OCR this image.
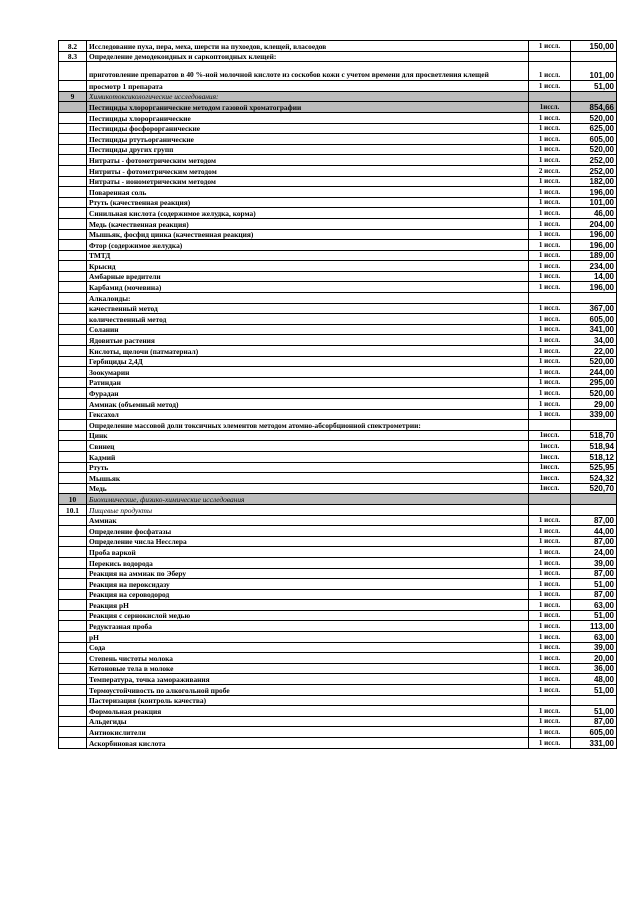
8.2	Исследование пуха, пера, меха, шерсти на пухоедов, клещей, власоедов	1 иссл.	150,00
8.3	Определение демодекоидных и саркоптоидных клещей:		
	приготовление препаратов в 40 %-ной молочной кислоте из соскобов кожи с учетом времени для просветления клещей	1 иссл.	101,00
	просмотр 1 препарата	1 иссл.	51,00
9	Химикотоксикологические исследования:		
	Пестициды хлорорганические методом газовой хроматографии	1иссл.	854,66
	Пестициды хлорорганические	1 иссл.	520,00
	Пестициды фосфорорганические	1 иссл.	625,00
	Пестициды ртутьорганические	1 иссл.	605,00
	Пестициды других групп	1 иссл.	520,00
	Нитраты - фотометрическим методом	1 иссл.	252,00
	Нитриты - фотометрическим методом	2 иссл.	252,00
	Нитраты - ионометрическим методом	1 иссл.	182,00
	Поваренная соль	1 иссл.	196,00
	Ртуть (качественная реакция)	1 иссл.	101,00
	Синильная кислота (содержимое желудка, корма)	1 иссл.	46,00
	Медь (качественная реакция)	1 иссл.	204,00
	Мышьяк, фосфид цинка (качественная реакция)	1 иссл.	196,00
	Фтор (содержимое желудка)	1 иссл.	196,00
	ТМТД	1 иссл.	189,00
	Крысид	1 иссл.	234,00
	Амбарные вредители	1 иссл.	14,00
	Карбамид (мочевина)	1 иссл.	196,00
	Алкалоиды:		
	качественный метод	1 иссл.	367,00
	количественный метод	1 иссл.	605,00
	Соланин	1 иссл.	341,00
	Ядовитые растения	1 иссл.	34,00
	Кислоты, щелочи (патматериал)	1 иссл.	22,00
	Гербициды 2,4Д	1 иссл.	520,00
	Зоокумарин	1 иссл.	244,00
	Ратиндан	1 иссл.	295,00
	Фурадан	1 иссл.	520,00
	Аммиак (объемный метод)	1 иссл.	29,00
	Гексахол	1 иссл.	339,00
	Определение массовой доли токсичных элементов методом атомно-абсорбционной спектрометрии:		
	Цинк	1иссл.	518,70
	Свинец	1иссл.	518,94
	Кадмий	1иссл.	518,12
	Ртуть	1иссл.	525,95
	Мышьяк	1иссл.	524,32
	Медь	1иссл.	520,70
10	Биохимические, физико-химические исследования		
10.1	Пищевые продукты		
	Аммиак	1 иссл.	87,00
	Определение фосфатазы	1 иссл.	44,00
	Определение числа Несслера	1 иссл.	87,00
	Проба варкой	1 иссл.	24,00
	Перекись водорода	1 иссл.	39,00
	Реакция на аммиак по Эберу	1 иссл.	87,00
	Реакция на пероксидазу	1 иссл.	51,00
	Реакция на сероводород	1 иссл.	87,00
	Реакция рН	1 иссл.	63,00
	Реакция с сернокислой медью	1 иссл.	51,00
	Редуктазная проба	1 иссл.	113,00
	рН	1 иссл.	63,00
	Сода	1 иссл.	39,00
	Степень чистоты молока	1 иссл.	20,00
	Кетоновые тела в молоке	1 иссл.	36,00
	Температура, точка замораживания	1 иссл.	48,00
	Термоустойчивость по алкогольной пробе	1 иссл.	51,00
	Пастеризация (контроль качества)		
	Формольная реакция	1 иссл.	51,00
	Альдегиды	1 иссл.	87,00
	Антиокислители	1 иссл.	605,00
	Аскорбиновая кислота	1 иссл.	331,00
